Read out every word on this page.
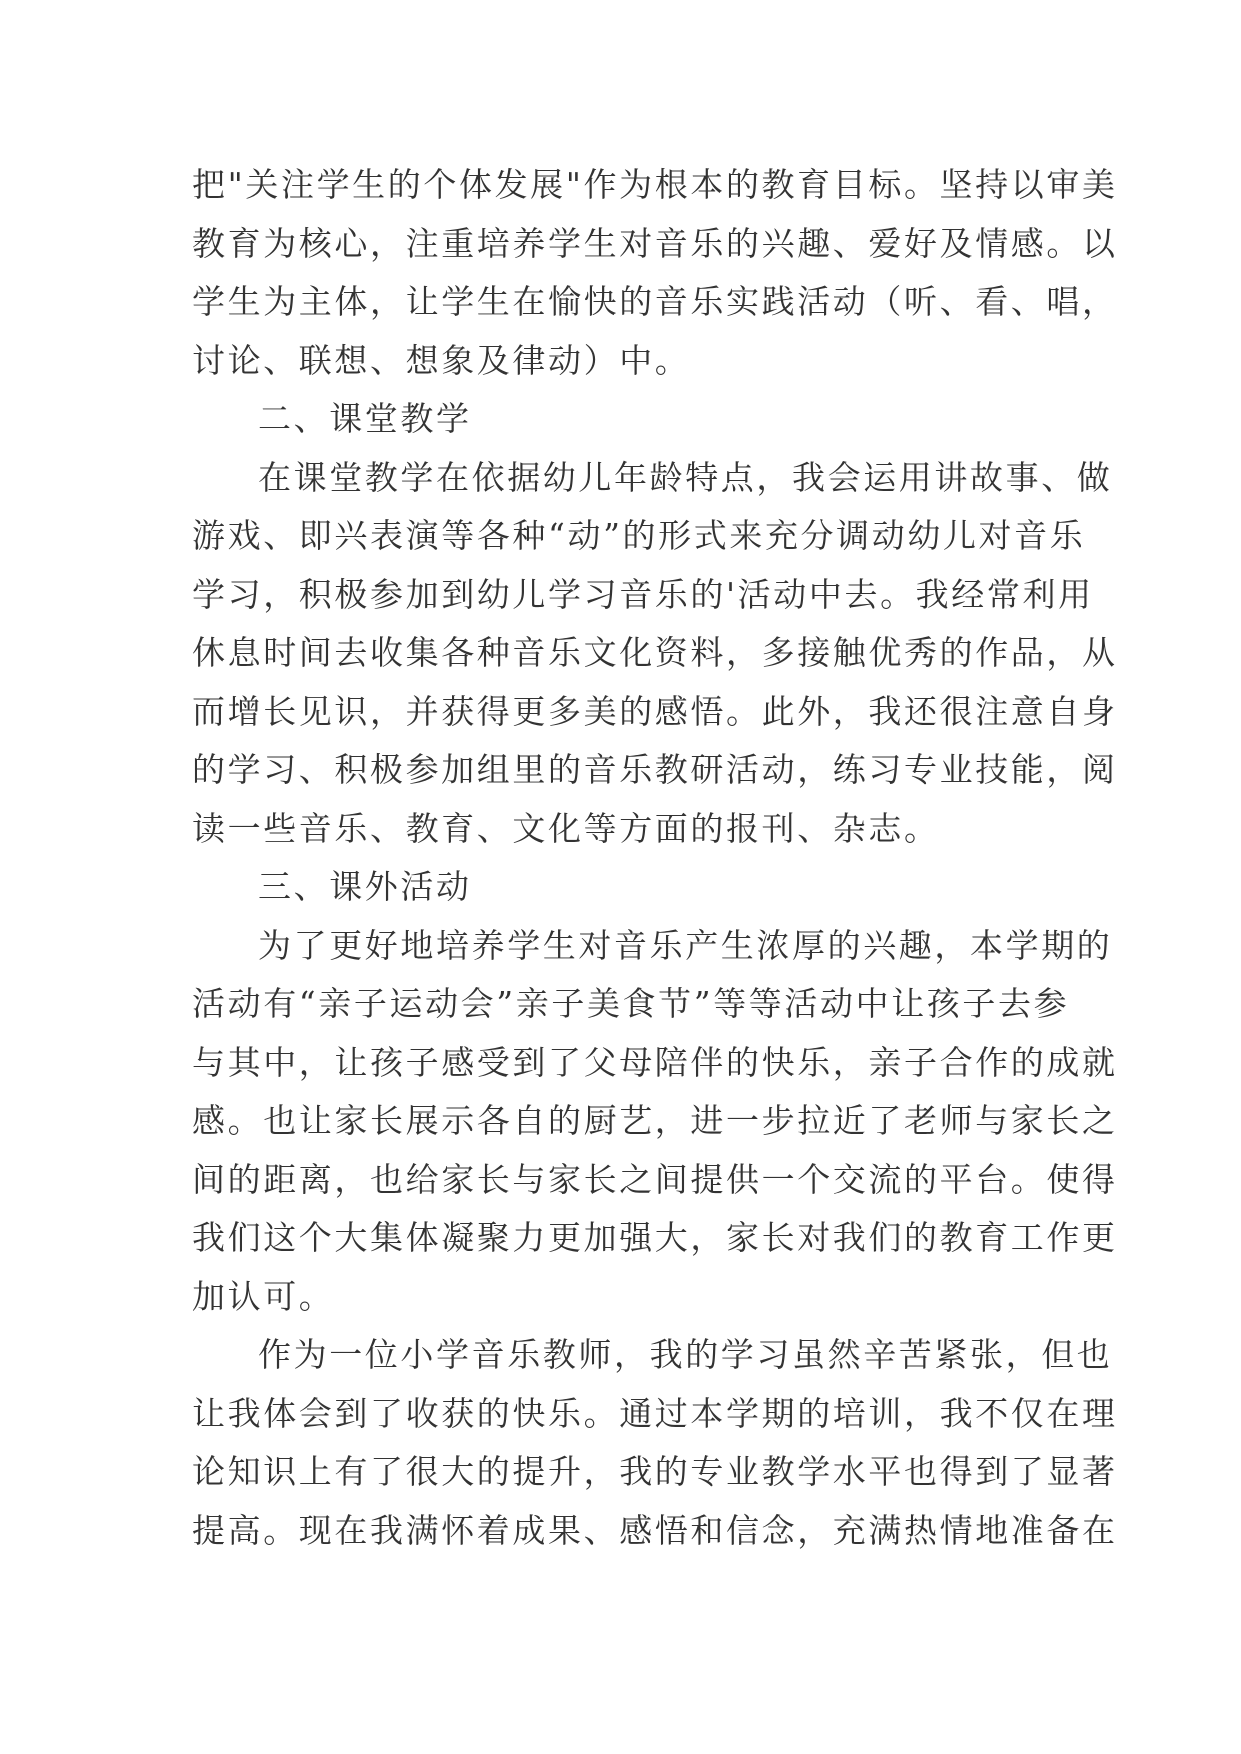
把"关注学生的个体发展"作为根本的教育目标。坚持以审美
教育为核心，注重培养学生对音乐的兴趣、爱好及情感。以
学生为主体，让学生在愉快的音乐实践活动（听、看、唱，
讨论、联想、想象及律动）中。
二、课堂教学
在课堂教学在依据幼儿年龄特点，我会运用讲故事、做
游戏、即兴表演等各种“动”的形式来充分调动幼儿对音乐
学习，积极参加到幼儿学习音乐的'活动中去。我经常利用
休息时间去收集各种音乐文化资料，多接触优秀的作品，从
而增长见识，并获得更多美的感悟。此外，我还很注意自身
的学习、积极参加组里的音乐教研活动，练习专业技能，阅
读一些音乐、教育、文化等方面的报刊、杂志。
三、课外活动
为了更好地培养学生对音乐产生浓厚的兴趣，本学期的
活动有“亲子运动会”亲子美食节”等等活动中让孩子去参
与其中，让孩子感受到了父母陪伴的快乐，亲子合作的成就
感。也让家长展示各自的厨艺，进一步拉近了老师与家长之
间的距离，也给家长与家长之间提供一个交流的平台。使得
我们这个大集体凝聚力更加强大，家长对我们的教育工作更
加认可。
作为一位小学音乐教师，我的学习虽然辛苦紧张，但也
让我体会到了收获的快乐。通过本学期的培训，我不仅在理
论知识上有了很大的提升，我的专业教学水平也得到了显著
提高。现在我满怀着成果、感悟和信念，充满热情地准备在
